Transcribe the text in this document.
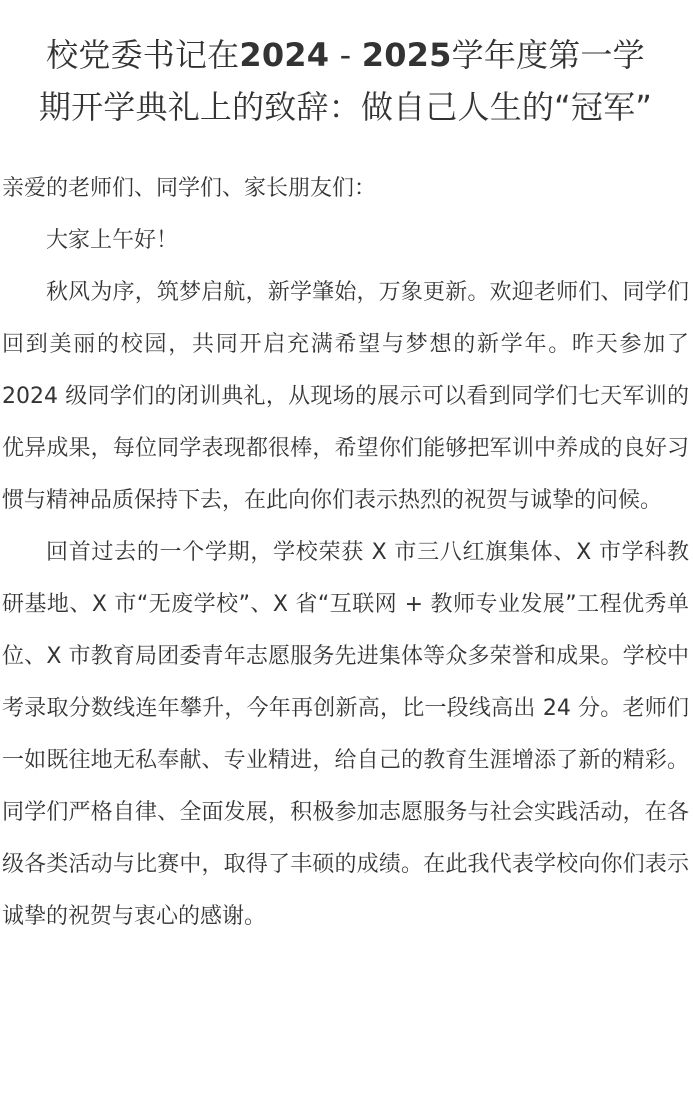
校党委书记在2024 - 2025学年度第一学
期开学典礼上的致辞：做自己人生的“冠军”

亲爱的老师们、同学们、家长朋友们：

大家上午好！

秋风为序，筑梦启航，新学肇始，万象更新。欢迎老师们、同学们回到美丽的校园，共同开启充满希望与梦想的新学年。昨天参加了 2024 级同学们的闭训典礼，从现场的展示可以看到同学们七天军训的优异成果，每位同学表现都很棒，希望你们能够把军训中养成的良好习惯与精神品质保持下去，在此向你们表示热烈的祝贺与诚挚的问候。

回首过去的一个学期，学校荣获 X 市三八红旗集体、X 市学科教研基地、X 市“无废学校”、X 省“互联网 + 教师专业发展”工程优秀单位、X 市教育局团委青年志愿服务先进集体等众多荣誉和成果。学校中考录取分数线连年攀升，今年再创新高，比一段线高出 24 分。老师们一如既往地无私奉献、专业精进，给自己的教育生涯增添了新的精彩。同学们严格自律、全面发展，积极参加志愿服务与社会实践活动，在各级各类活动与比赛中，取得了丰硕的成绩。在此我代表学校向你们表示诚挚的祝贺与衷心的感谢。
